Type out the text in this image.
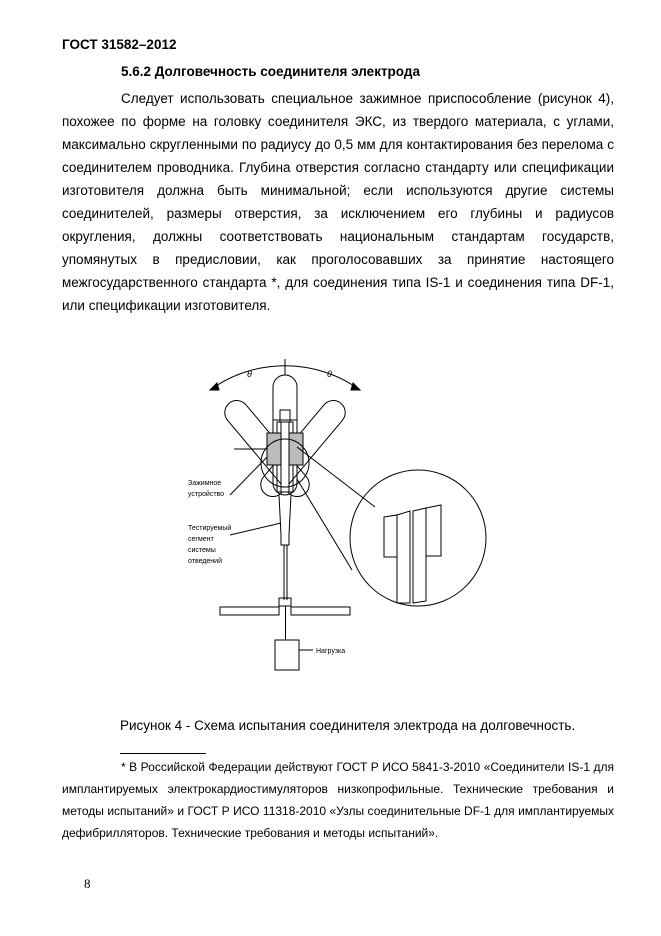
ГОСТ 31582–2012
5.6.2 Долговечность соединителя электрода

Следует использовать специальное зажимное приспособление (рисунок 4), похожее по форме на головку соединителя ЭКС, из твердого материала, с углами, максимально скругленными по радиусу до 0,5 мм для контактирования без перелома с соединителем проводника. Глубина отверстия согласно стандарту или спецификации изготовителя должна быть минимальной; если используются другие системы соединителей, размеры отверстия, за исключением его глубины и радиусов округления, должны соответствовать национальным стандартам государств, упомянутых в предисловии, как проголосовавших за принятие настоящего межгосударственного стандарта *, для соединения типа IS-1 и соединения типа DF-1, или спецификации изготовителя.

θ	θ
Зажимное
устройство
Тестируемый
сегмент
системы
отведений
Нагрузка
Рисунок 4 - Схема испытания соединителя электрода на долговечность.

* В Российской Федерации действуют ГОСТ Р ИСО 5841-3-2010 «Соединители IS-1 для имплантируемых электрокардиостимуляторов низкопрофильные. Технические требования и методы испытаний» и ГОСТ Р ИСО 11318-2010 «Узлы соединительные DF-1 для имплантируемых дефибрилляторов. Технические требования и методы испытаний».

8
